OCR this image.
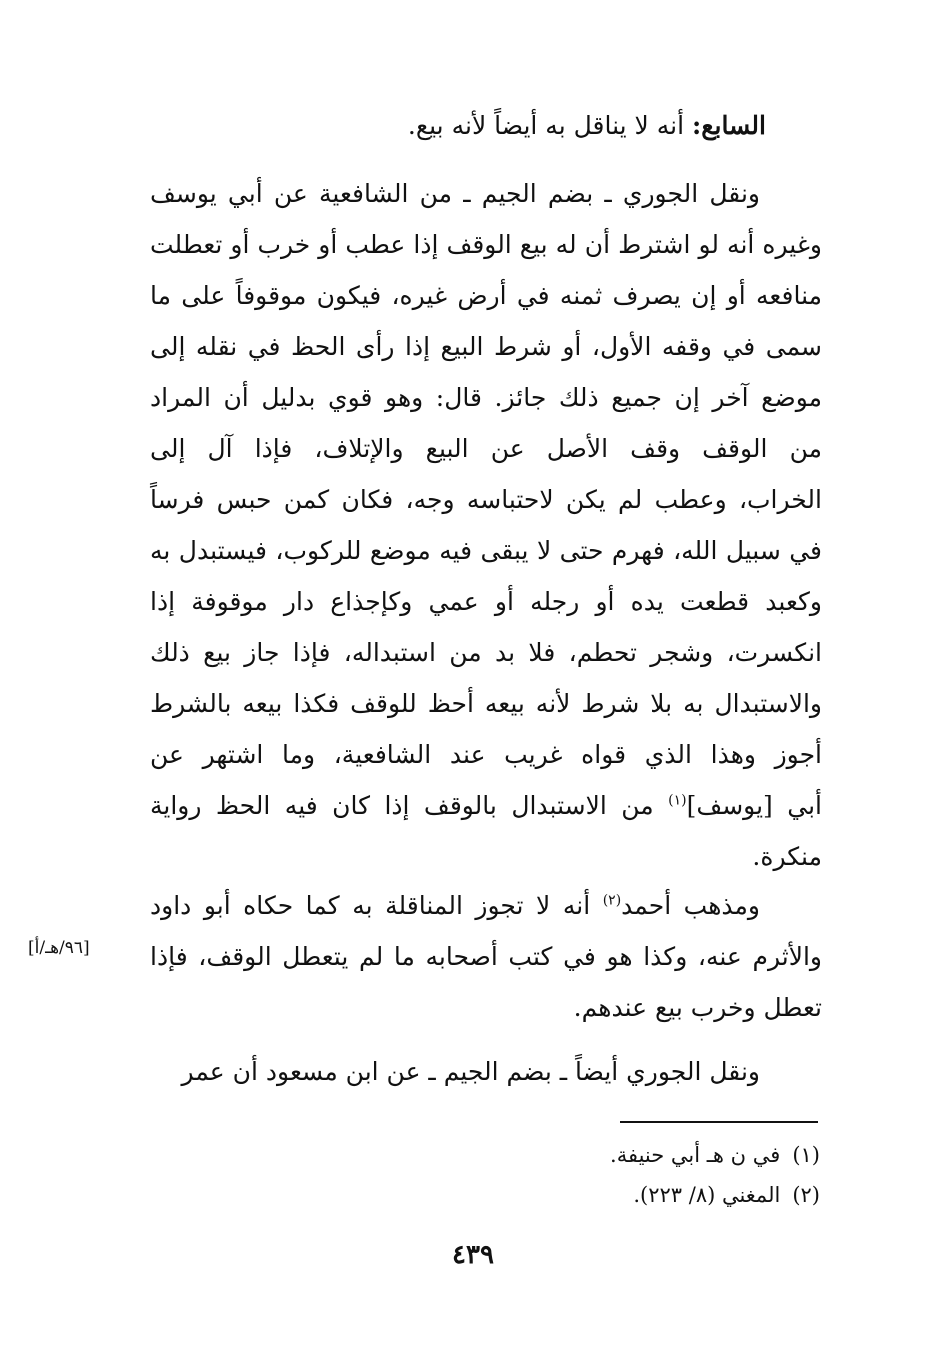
السابع: أنه لا يناقل به أيضاً لأنه بيع.
ونقل الجوري ـ بضم الجيم ـ من الشافعية عن أبي يوسف
وغيره أنه لو اشترط أن له بيع الوقف إذا عطب أو خرب أو تعطلت
منافعه أو إن يصرف ثمنه في أرض غيره، فيكون موقوفاً على ما
سمى في وقفه الأول، أو شرط البيع إذا رأى الحظ في نقله إلى
موضع آخر إن جميع ذلك جائز. قال: وهو قوي بدليل أن المراد
من الوقف وقف الأصل عن البيع والإتلاف، فإذا آل إلى
الخراب، وعطب لم يكن لاحتباسه وجه، فكان كمن حبس فرساً
في سبيل الله، فهرم حتى لا يبقى فيه موضع للركوب، فيستبدل به
وكعبد قطعت يده أو رجله أو عمي وكإجذاع دار موقوفة إذا
انكسرت، وشجر تحطم، فلا بد من استبداله، فإذا جاز بيع ذلك
والاستبدال به بلا شرط لأنه بيعه أحظ للوقف فكذا بيعه بالشرط
أجوز وهذا الذي قواه غريب عند الشافعية، وما اشتهر عن
أبي [يوسف]$^{(١)}$ من الاستبدال بالوقف إذا كان فيه الحظ رواية
منكرة.
ومذهب أحمد$^{(٢)}$ أنه لا تجوز المناقلة به كما حكاه أبو داود
والأثرم عنه، وكذا هو في كتب أصحابه ما لم يتعطل الوقف، فإذا
تعطل وخرب بيع عندهم.
[٩٦/هـ/أ]
ونقل الجوري أيضاً ـ بضم الجيم ـ عن ابن مسعود أن عمر
(١)في ن هـ أبي حنيفة.
(٢)المغني (٨/ ٢٢٣).
٤٣٩
